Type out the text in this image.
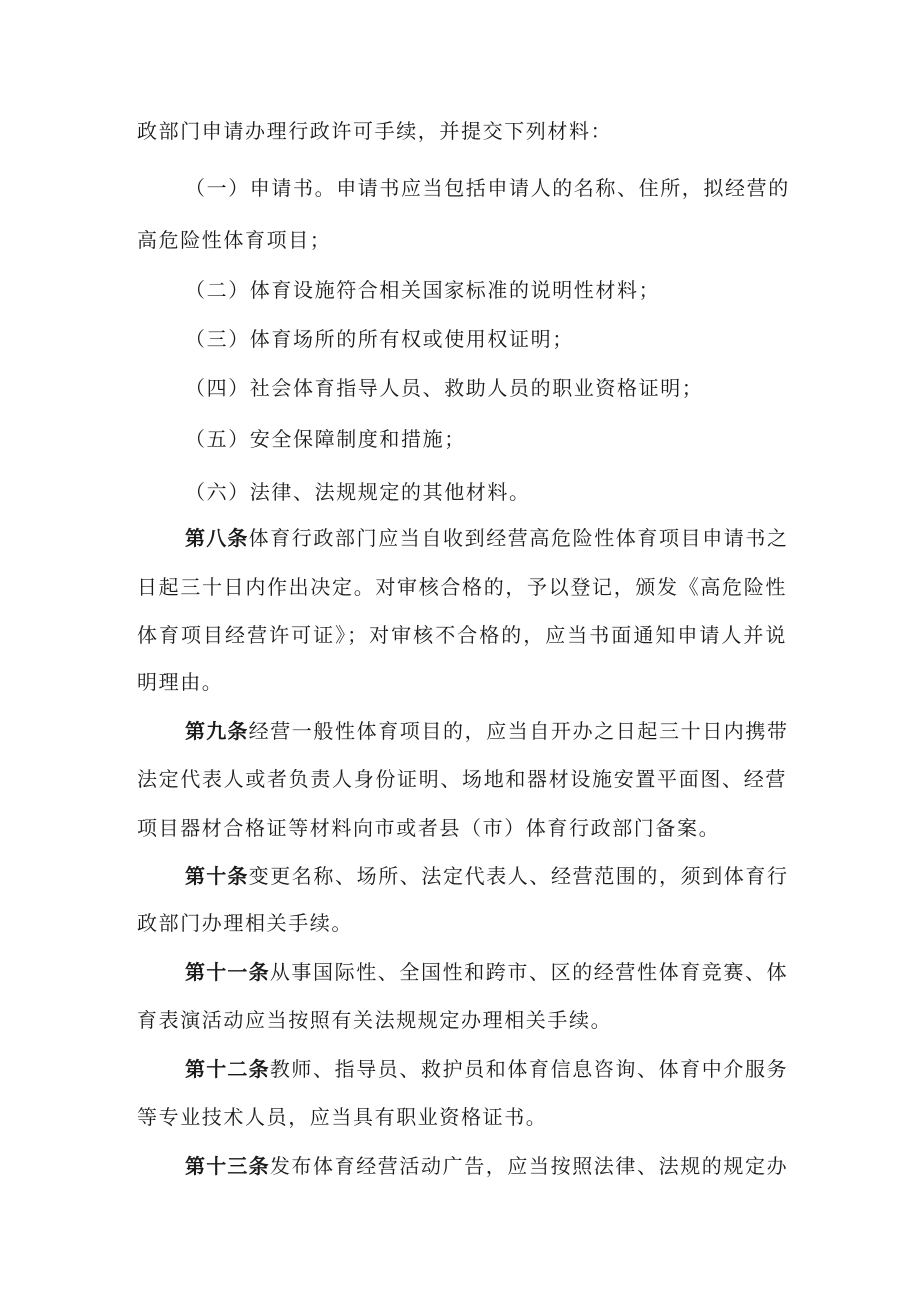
政部门申请办理行政许可手续，并提交下列材料：
（一）申请书。申请书应当包括申请人的名称、住所，拟经营的
高危险性体育项目；
（二）体育设施符合相关国家标准的说明性材料；
（三）体育场所的所有权或使用权证明；
（四）社会体育指导人员、救助人员的职业资格证明；
（五）安全保障制度和措施；
（六）法律、法规规定的其他材料。
第八条体育行政部门应当自收到经营高危险性体育项目申请书之
日起三十日内作出决定。对审核合格的，予以登记，颁发《高危险性
体育项目经营许可证》；对审核不合格的，应当书面通知申请人并说
明理由。
第九条经营一般性体育项目的，应当自开办之日起三十日内携带
法定代表人或者负责人身份证明、场地和器材设施安置平面图、经营
项目器材合格证等材料向市或者县（市）体育行政部门备案。
第十条变更名称、场所、法定代表人、经营范围的，须到体育行
政部门办理相关手续。
第十一条从事国际性、全国性和跨市、区的经营性体育竞赛、体
育表演活动应当按照有关法规规定办理相关手续。
第十二条教师、指导员、救护员和体育信息咨询、体育中介服务
等专业技术人员，应当具有职业资格证书。
第十三条发布体育经营活动广告，应当按照法律、法规的规定办
